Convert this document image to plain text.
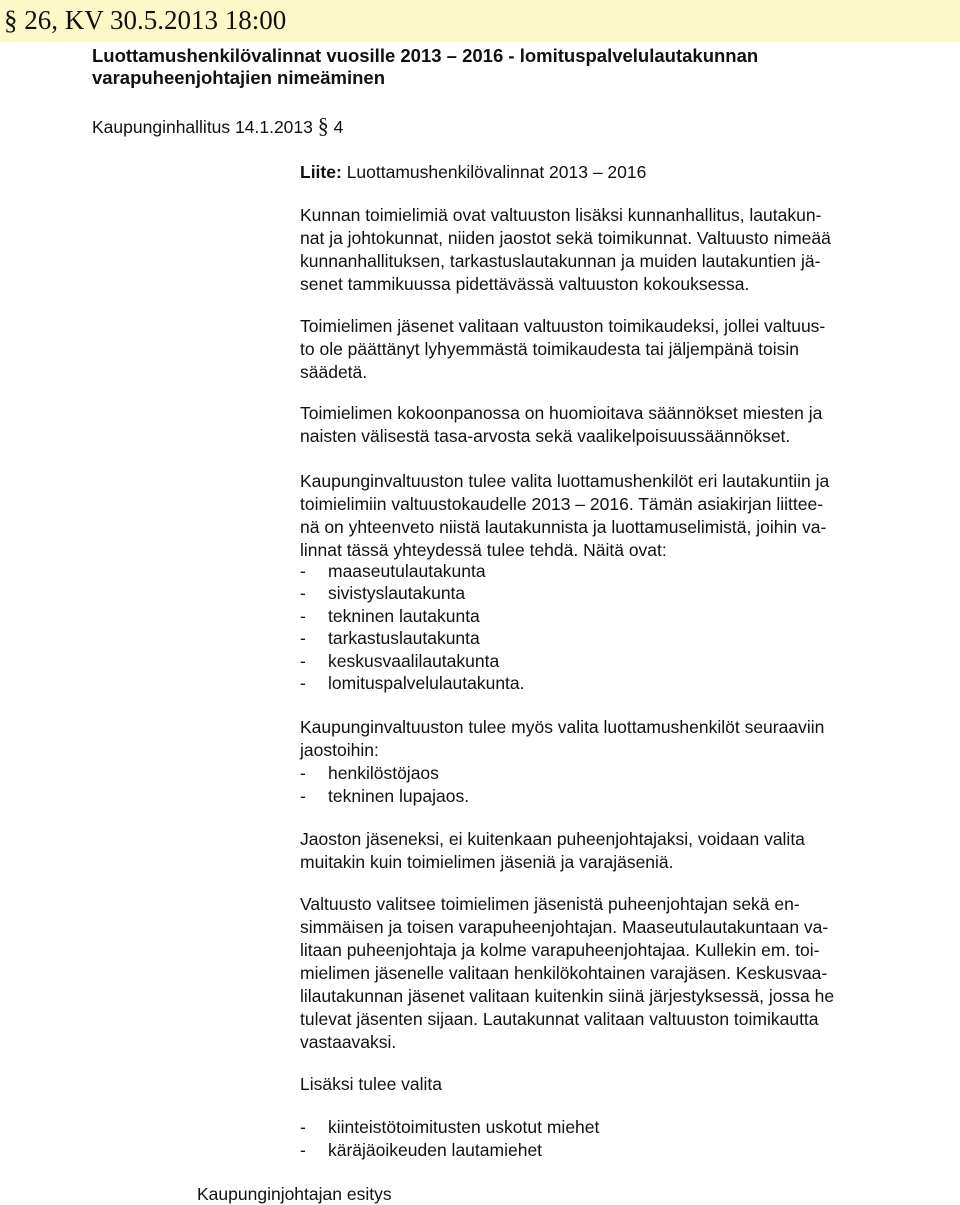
§ 26, KV 30.5.2013 18:00
Luottamushenkilövalinnat vuosille 2013 – 2016 - lomituspalvelulautakunnan
varapuheenjohtajien nimeäminen
Kaupunginhallitus 14.1.2013 § 4
Liite: Luottamushenkilövalinnat 2013 – 2016
Kunnan toimielimiä ovat valtuuston lisäksi kunnanhallitus, lautakun-
nat ja johtokunnat, niiden jaostot sekä toimikunnat. Valtuusto nimeää
kunnanhallituksen, tarkastuslautakunnan ja muiden lautakuntien jä-
senet tammikuussa pidettävässä valtuuston kokouksessa.
Toimielimen jäsenet valitaan valtuuston toimikaudeksi, jollei valtuus-
to ole päättänyt lyhyemmästä toimikaudesta tai jäljempänä toisin
säädetä.
Toimielimen kokoonpanossa on huomioitava säännökset miesten ja
naisten välisestä tasa-arvosta sekä vaalikelpoisuussäännökset.
Kaupunginvaltuuston tulee valita luottamushenkilöt eri lautakuntiin ja
toimielimiin valtuustokaudelle 2013 – 2016. Tämän asiakirjan liittee-
nä on yhteenveto niistä lautakunnista ja luottamuselimistä, joihin va-
linnat tässä yhteydessä tulee tehdä. Näitä ovat:
- maaseutulautakunta
- sivistyslautakunta
- tekninen lautakunta
- tarkastuslautakunta
- keskusvaalilautakunta
- lomituspalvelulautakunta.
Kaupunginvaltuuston tulee myös valita luottamushenkilöt seuraaviin
jaostoihin:
- henkilöstöjaos
- tekninen lupajaos.
Jaoston jäseneksi, ei kuitenkaan puheenjohtajaksi, voidaan valita
muitakin kuin toimielimen jäseniä ja varajäseniä.
Valtuusto valitsee toimielimen jäsenistä puheenjohtajan sekä en-
simmäisen ja toisen varapuheenjohtajan. Maaseutulautakuntaan va-
litaan puheenjohtaja ja kolme varapuheenjohtajaa. Kullekin em. toi-
mielimen jäsenelle valitaan henkilökohtainen varajäsen. Keskusvaa-
lilautakunnan jäsenet valitaan kuitenkin siinä järjestyksessä, jossa he
tulevat jäsenten sijaan. Lautakunnat valitaan valtuuston toimikautta
vastaavaksi.
Lisäksi tulee valita
- kiinteistötoimitusten uskotut miehet
- käräjäoikeuden lautamiehet
Kaupunginjohtajan esitys
